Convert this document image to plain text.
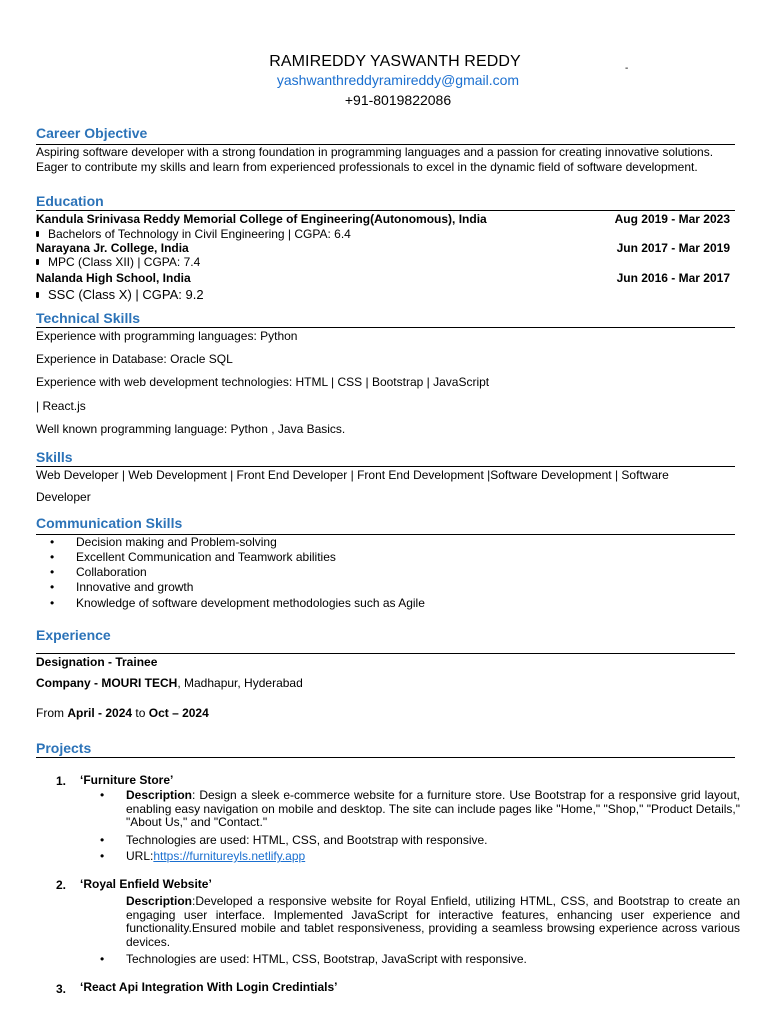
RAMIREDDY YASWANTH REDDY	-
yashwanthreddyramireddy@gmail.com
+91-8019822086
Career Objective
Aspiring software developer with a strong foundation in programming languages and a passion for creating innovative solutions. Eager to contribute my skills and learn from experienced professionals to excel in the dynamic field of software development.
Education
Kandula Srinivasa Reddy Memorial College of Engineering(Autonomous), India	Aug 2019 - Mar 2023
Bachelors of Technology in Civil Engineering | CGPA: 6.4
Narayana Jr. College, India	Jun 2017 - Mar 2019
MPC (Class XII) | CGPA: 7.4
Nalanda High School, India	Jun 2016 - Mar 2017
SSC (Class X) | CGPA: 9.2
Technical Skills
Experience with programming languages: Python
Experience in Database: Oracle SQL
Experience with web development technologies: HTML | CSS | Bootstrap | JavaScript
| React.js
Well known programming language: Python , Java Basics.
Skills
Web Developer | Web Development | Front End Developer | Front End Development |Software Development | Software
Developer
Communication Skills
• Decision making and Problem-solving
• Excellent Communication and Teamwork abilities
• Collaboration
• Innovative and growth
• Knowledge of software development methodologies such as Agile
Experience
Designation - Trainee
Company - MOURI TECH, Madhapur, Hyderabad
From April - 2024 to Oct – 2024
Projects
1. ‘Furniture Store’
• Description: Design a sleek e-commerce website for a furniture store. Use Bootstrap for a responsive grid layout, enabling easy navigation on mobile and desktop. The site can include pages like "Home," "Shop," "Product Details," "About Us," and "Contact."
• Technologies are used: HTML, CSS, and Bootstrap with responsive.
• URL:https://furnitureyls.netlify.app
2. ‘Royal Enfield Website’
Description:Developed a responsive website for Royal Enfield, utilizing HTML, CSS, and Bootstrap to create an engaging user interface. Implemented JavaScript for interactive features, enhancing user experience and functionality.Ensured mobile and tablet responsiveness, providing a seamless browsing experience across various devices.
• Technologies are used: HTML, CSS, Bootstrap, JavaScript with responsive.
3. ‘React Api Integration With Login Credintials’
